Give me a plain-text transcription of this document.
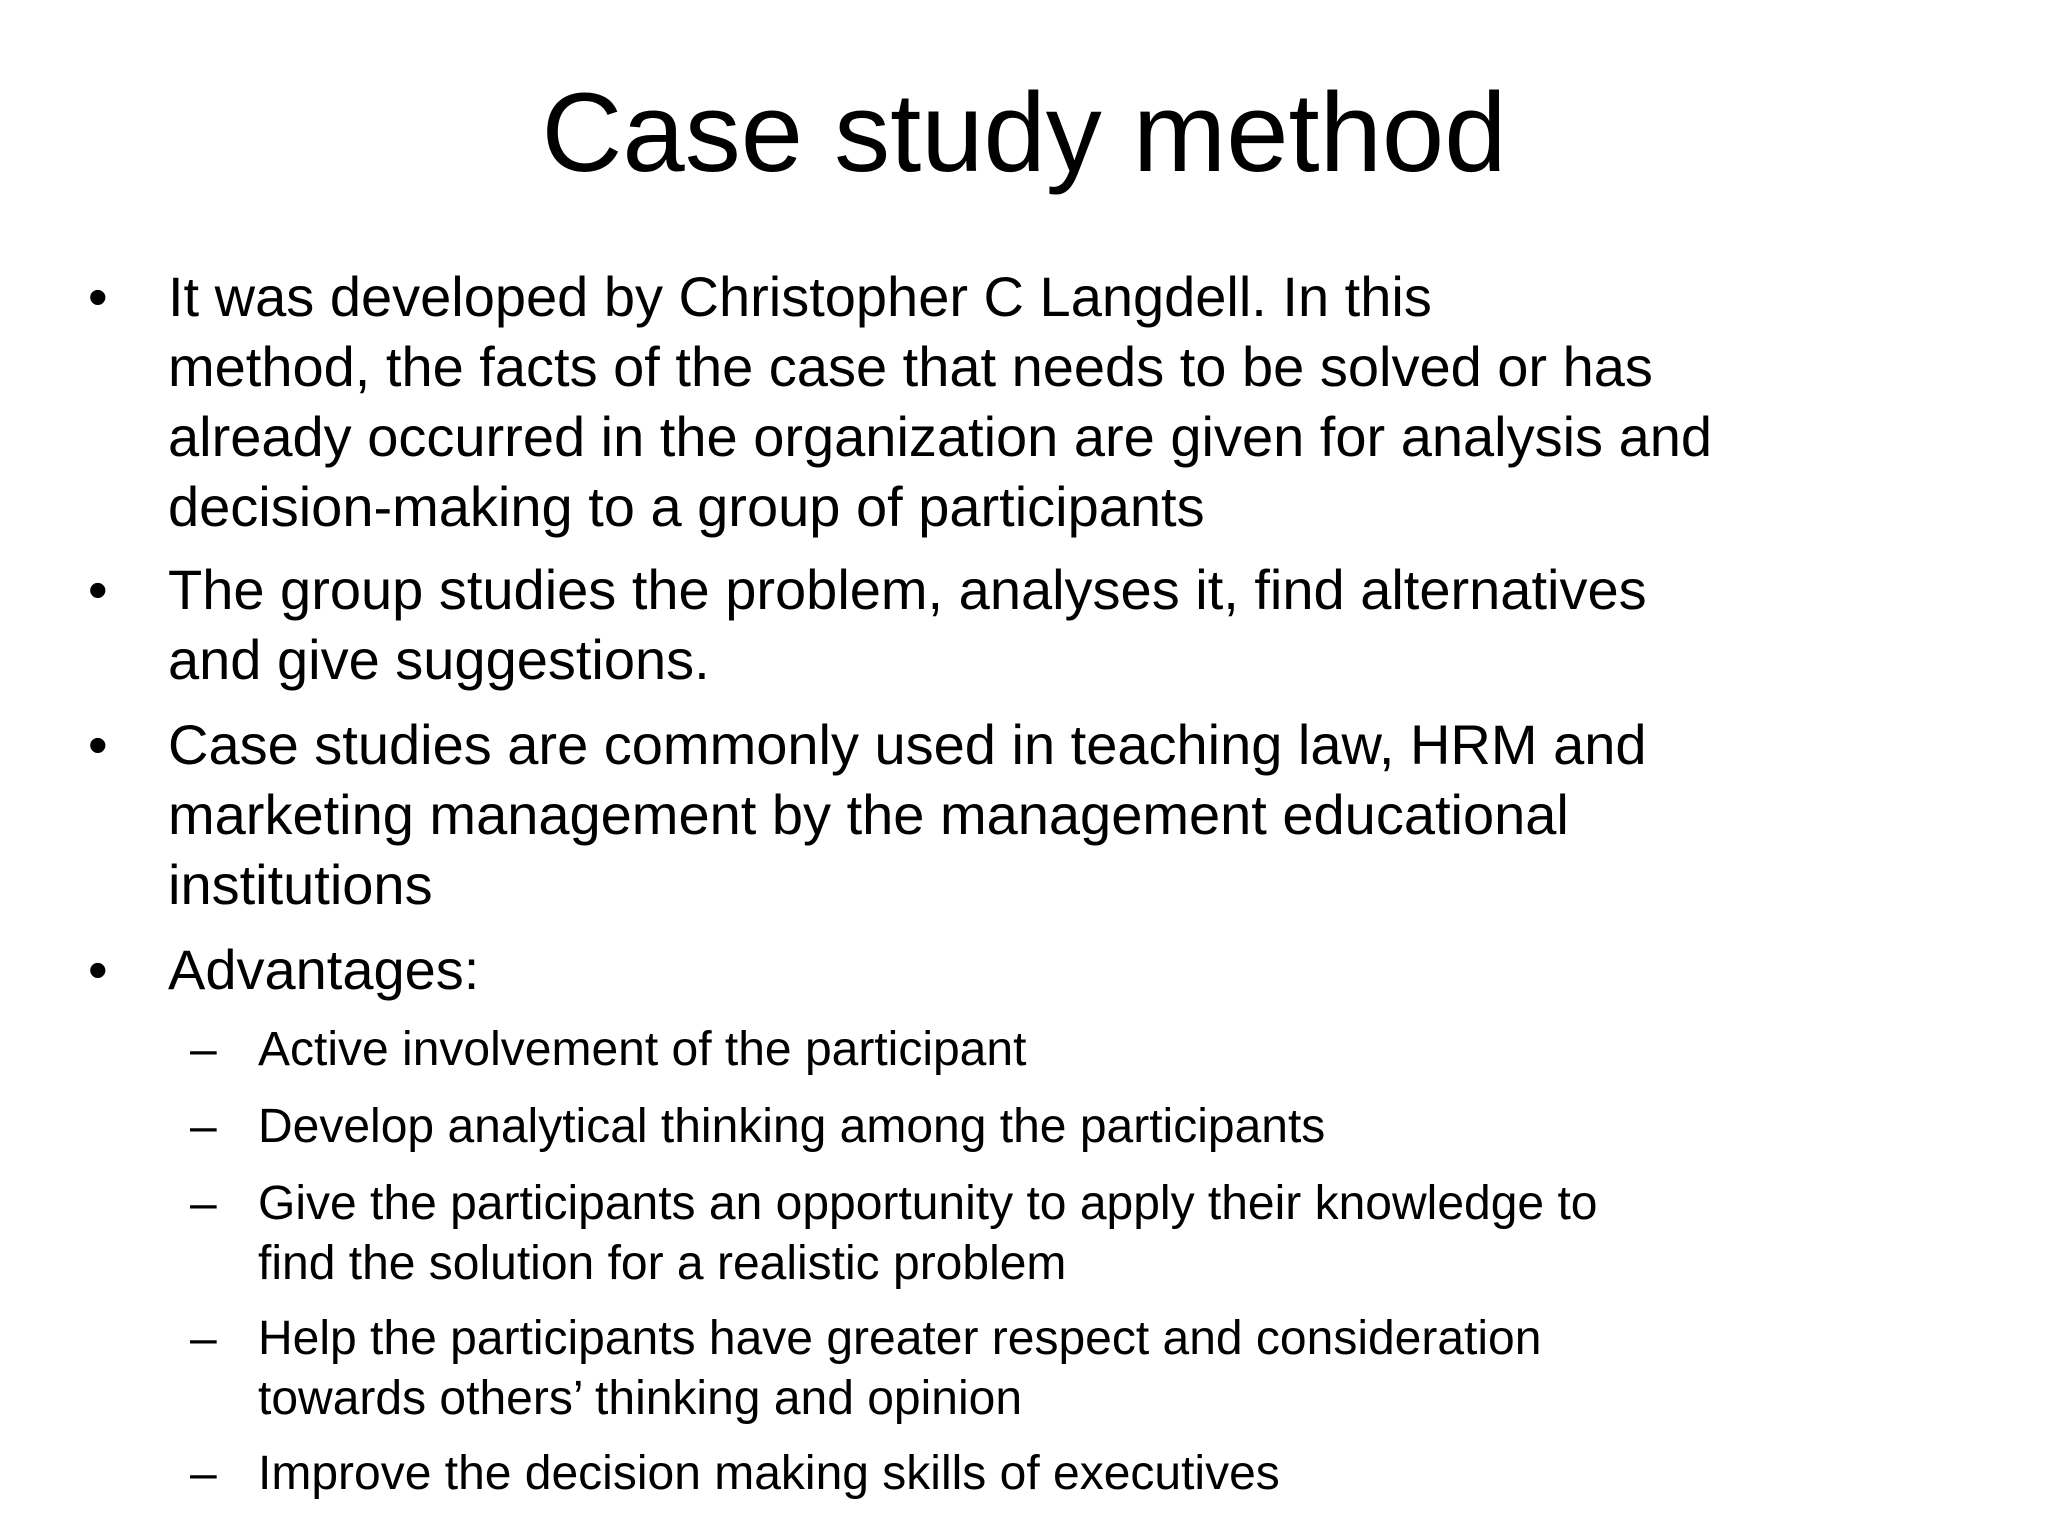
Case study method
• It was developed by Christopher C Langdell. In this
method, the facts of the case that needs to be solved or has
already occurred in the organization are given for analysis and
decision-making to a group of participants
• The group studies the problem, analyses it, find alternatives
and give suggestions.
• Case studies are commonly used in teaching law, HRM and
marketing management by the management educational
institutions
• Advantages:
– Active involvement of the participant
– Develop analytical thinking among the participants
– Give the participants an opportunity to apply their knowledge to
find the solution for a realistic problem
– Help the participants have greater respect and consideration
towards others’ thinking and opinion
– Improve the decision making skills of executives
